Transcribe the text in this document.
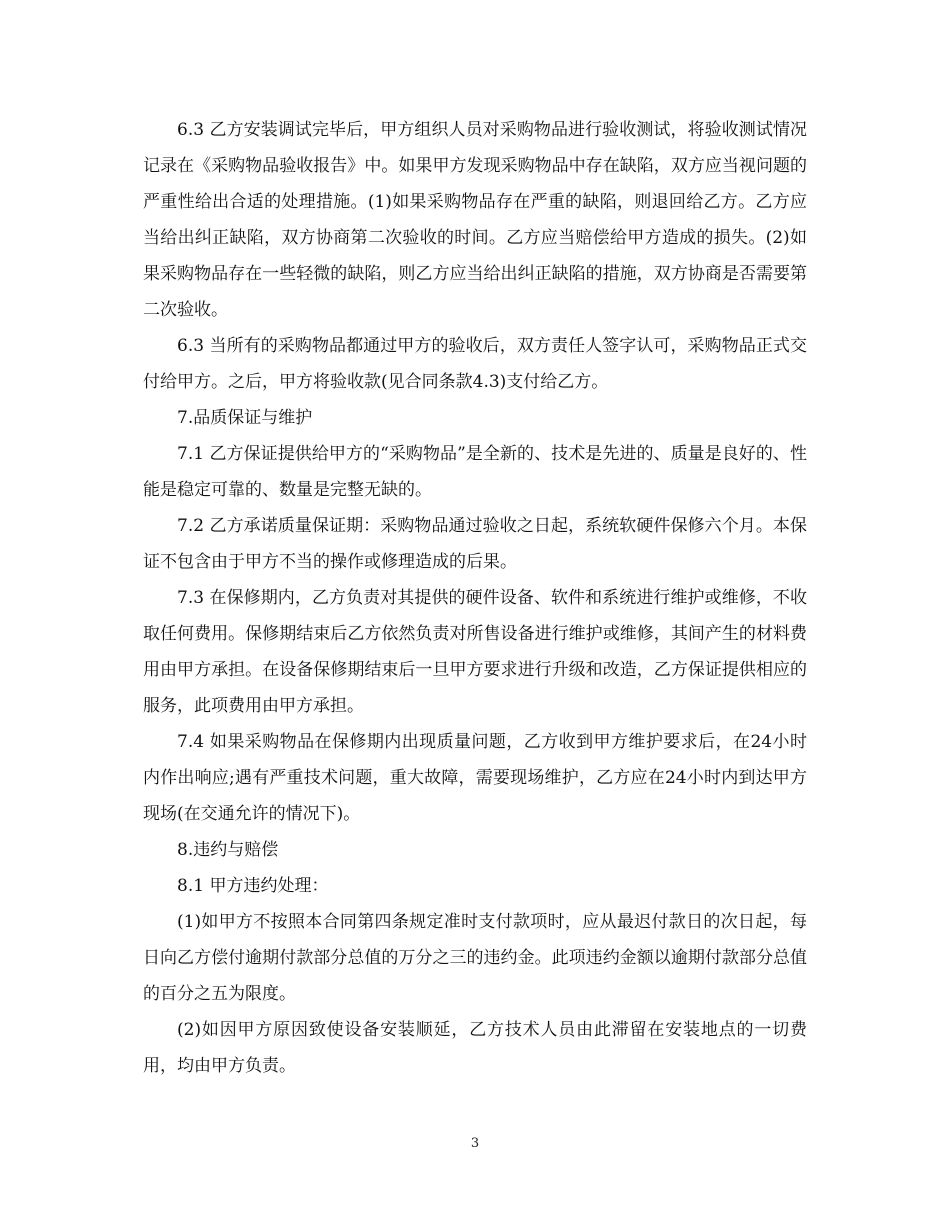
6.3 乙方安装调试完毕后，甲方组织人员对采购物品进行验收测试，将验收测试情况记录在《采购物品验收报告》中。如果甲方发现采购物品中存在缺陷，双方应当视问题的严重性给出合适的处理措施。(1)如果采购物品存在严重的缺陷，则退回给乙方。乙方应当给出纠正缺陷，双方协商第二次验收的时间。乙方应当赔偿给甲方造成的损失。(2)如果采购物品存在一些轻微的缺陷，则乙方应当给出纠正缺陷的措施，双方协商是否需要第二次验收。

6.3 当所有的采购物品都通过甲方的验收后，双方责任人签字认可，采购物品正式交付给甲方。之后，甲方将验收款(见合同条款4.3)支付给乙方。

7.品质保证与维护

7.1 乙方保证提供给甲方的“采购物品”是全新的、技术是先进的、质量是良好的、性能是稳定可靠的、数量是完整无缺的。

7.2 乙方承诺质量保证期：采购物品通过验收之日起，系统软硬件保修六个月。本保证不包含由于甲方不当的操作或修理造成的后果。

7.3 在保修期内，乙方负责对其提供的硬件设备、软件和系统进行维护或维修，不收取任何费用。保修期结束后乙方依然负责对所售设备进行维护或维修，其间产生的材料费用由甲方承担。在设备保修期结束后一旦甲方要求进行升级和改造，乙方保证提供相应的服务，此项费用由甲方承担。

7.4 如果采购物品在保修期内出现质量问题，乙方收到甲方维护要求后，在24小时内作出响应;遇有严重技术问题，重大故障，需要现场维护，乙方应在24小时内到达甲方现场(在交通允许的情况下)。

8.违约与赔偿

8.1 甲方违约处理：

(1)如甲方不按照本合同第四条规定准时支付款项时，应从最迟付款日的次日起，每日向乙方偿付逾期付款部分总值的万分之三的违约金。此项违约金额以逾期付款部分总值的百分之五为限度。

(2)如因甲方原因致使设备安装顺延，乙方技术人员由此滞留在安装地点的一切费用，均由甲方负责。

3
